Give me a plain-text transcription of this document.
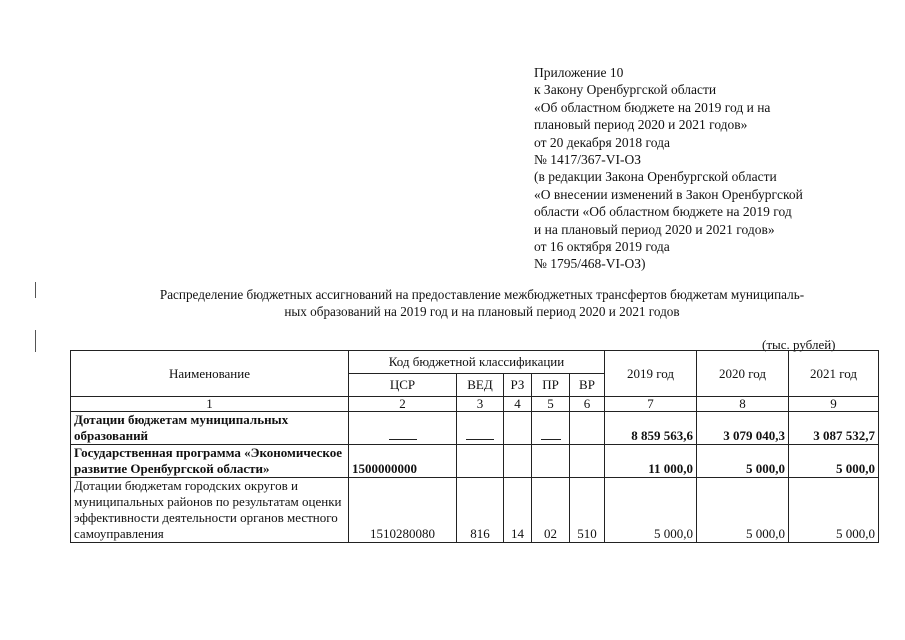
Приложение 10
к Закону Оренбургской области
«Об областном бюджете на 2019 год и на
плановый период 2020 и 2021 годов»
от 20 декабря 2018 года
№ 1417/367-VI-ОЗ
(в редакции Закона Оренбургской области
«О внесении изменений в Закон Оренбургской
области «Об областном бюджете на 2019 год
и на плановый период 2020 и 2021 годов»
от 16 октября 2019 года
№ 1795/468-VI-ОЗ)
Распределение бюджетных ассигнований на предоставление межбюджетных трансфертов бюджетам муниципаль-
ных образований на 2019 год и на плановый период 2020 и 2021 годов
(тыс. рублей)
Наименование	Код бюджетной классификации					2019 год	2020 год	2021 год
	ЦСР	ВЕД	РЗ	ПР	ВР			
1	2	3	4	5	6	7	8	9
Дотации бюджетам муниципальных образований						8 859 563,6	3 079 040,3	3 087 532,7
Государственная программа «Экономическое развитие Оренбургской области»	1500000000					11 000,0	5 000,0	5 000,0
Дотации бюджетам городских округов и муниципальных районов по результатам оценки эффективности деятельности органов местного самоуправления	1510280080	816	14	02	510	5 000,0	5 000,0	5 000,0
